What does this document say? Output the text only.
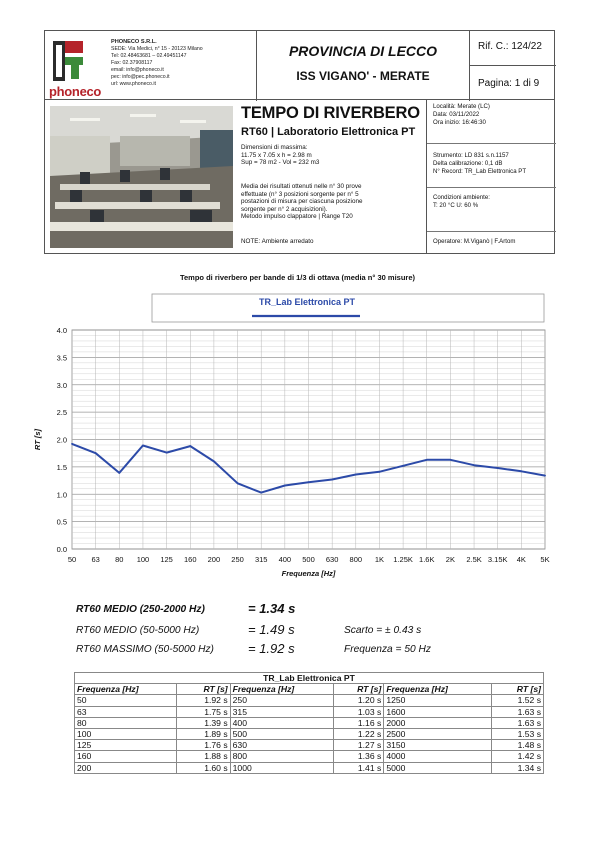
phoneco
PHONECO S.R.L.
SEDE: Via Medici, n° 15 - 20123 Milano
Tel: 02.48463681 – 02.49451147
Fax: 02.37908117
email: info@phoneco.it
pec: info@pec.phoneco.it
url: www.phoneco.it
PROVINCIA DI LECCO
ISS VIGANO' - MERATE
Rif. C.: 124/22
Pagina: 1 di 9
TEMPO DI RIVERBERO
RT60 | Laboratorio Elettronica PT
Dimensioni di massima:
11.75 x 7.05 x h = 2.98 m
Sup = 78 m2 - Vol = 232 m3
Media dei risultati ottenuti nelle n° 30 prove
effettuate (n° 3 posizioni sorgente per n° 5
postazioni di misura per ciascuna posizione
sorgente per n° 2 acquisizioni).
Metodo impulso clappatore | Range T20
NOTE: Ambiente arredato
Località: Merate (LC)
Data: 03/11/2022
Ora inizio: 16:46:30
Strumento: LD 831 s.n.1157
Delta calibrazione: 0,1 dB
N° Record: TR_Lab Elettronica PT
Condizioni ambiente:
T: 20 °C U: 60 %
Operatore: M.Viganò | F.Artom
Tempo di riverbero per bande di 1/3 di ottava (media n° 30 misure)
TR_Lab Elettronica PT
50 63 80 100 125 160 200 250 315 400 500 630 800 1K 1.25K 1.6K 2K 2.5K 3.15K 4K 5K
0.0
0.5
1.0
1.5
2.0
2.5
3.0
3.5
4.0
Frequenza [Hz]
RT [s]
RT60 MEDIO (250-2000 Hz)	= 1.34 s
RT60 MEDIO (50-5000 Hz)	= 1.49 s	Scarto = ± 0.43 s
RT60 MASSIMO (50-5000 Hz)	= 1.92 s	Frequenza = 50 Hz
TR_Lab Elettronica PT					
Frequenza [Hz]	RT [s]	Frequenza [Hz]	RT [s]	Frequenza [Hz]	RT [s]
50	1.92 s	250	1.20 s	1250	1.52 s
63	1.75 s	315	1.03 s	1600	1.63 s
80	1.39 s	400	1.16 s	2000	1.63 s
100	1.89 s	500	1.22 s	2500	1.53 s
125	1.76 s	630	1.27 s	3150	1.48 s
160	1.88 s	800	1.36 s	4000	1.42 s
200	1.60 s	1000	1.41 s	5000	1.34 s
